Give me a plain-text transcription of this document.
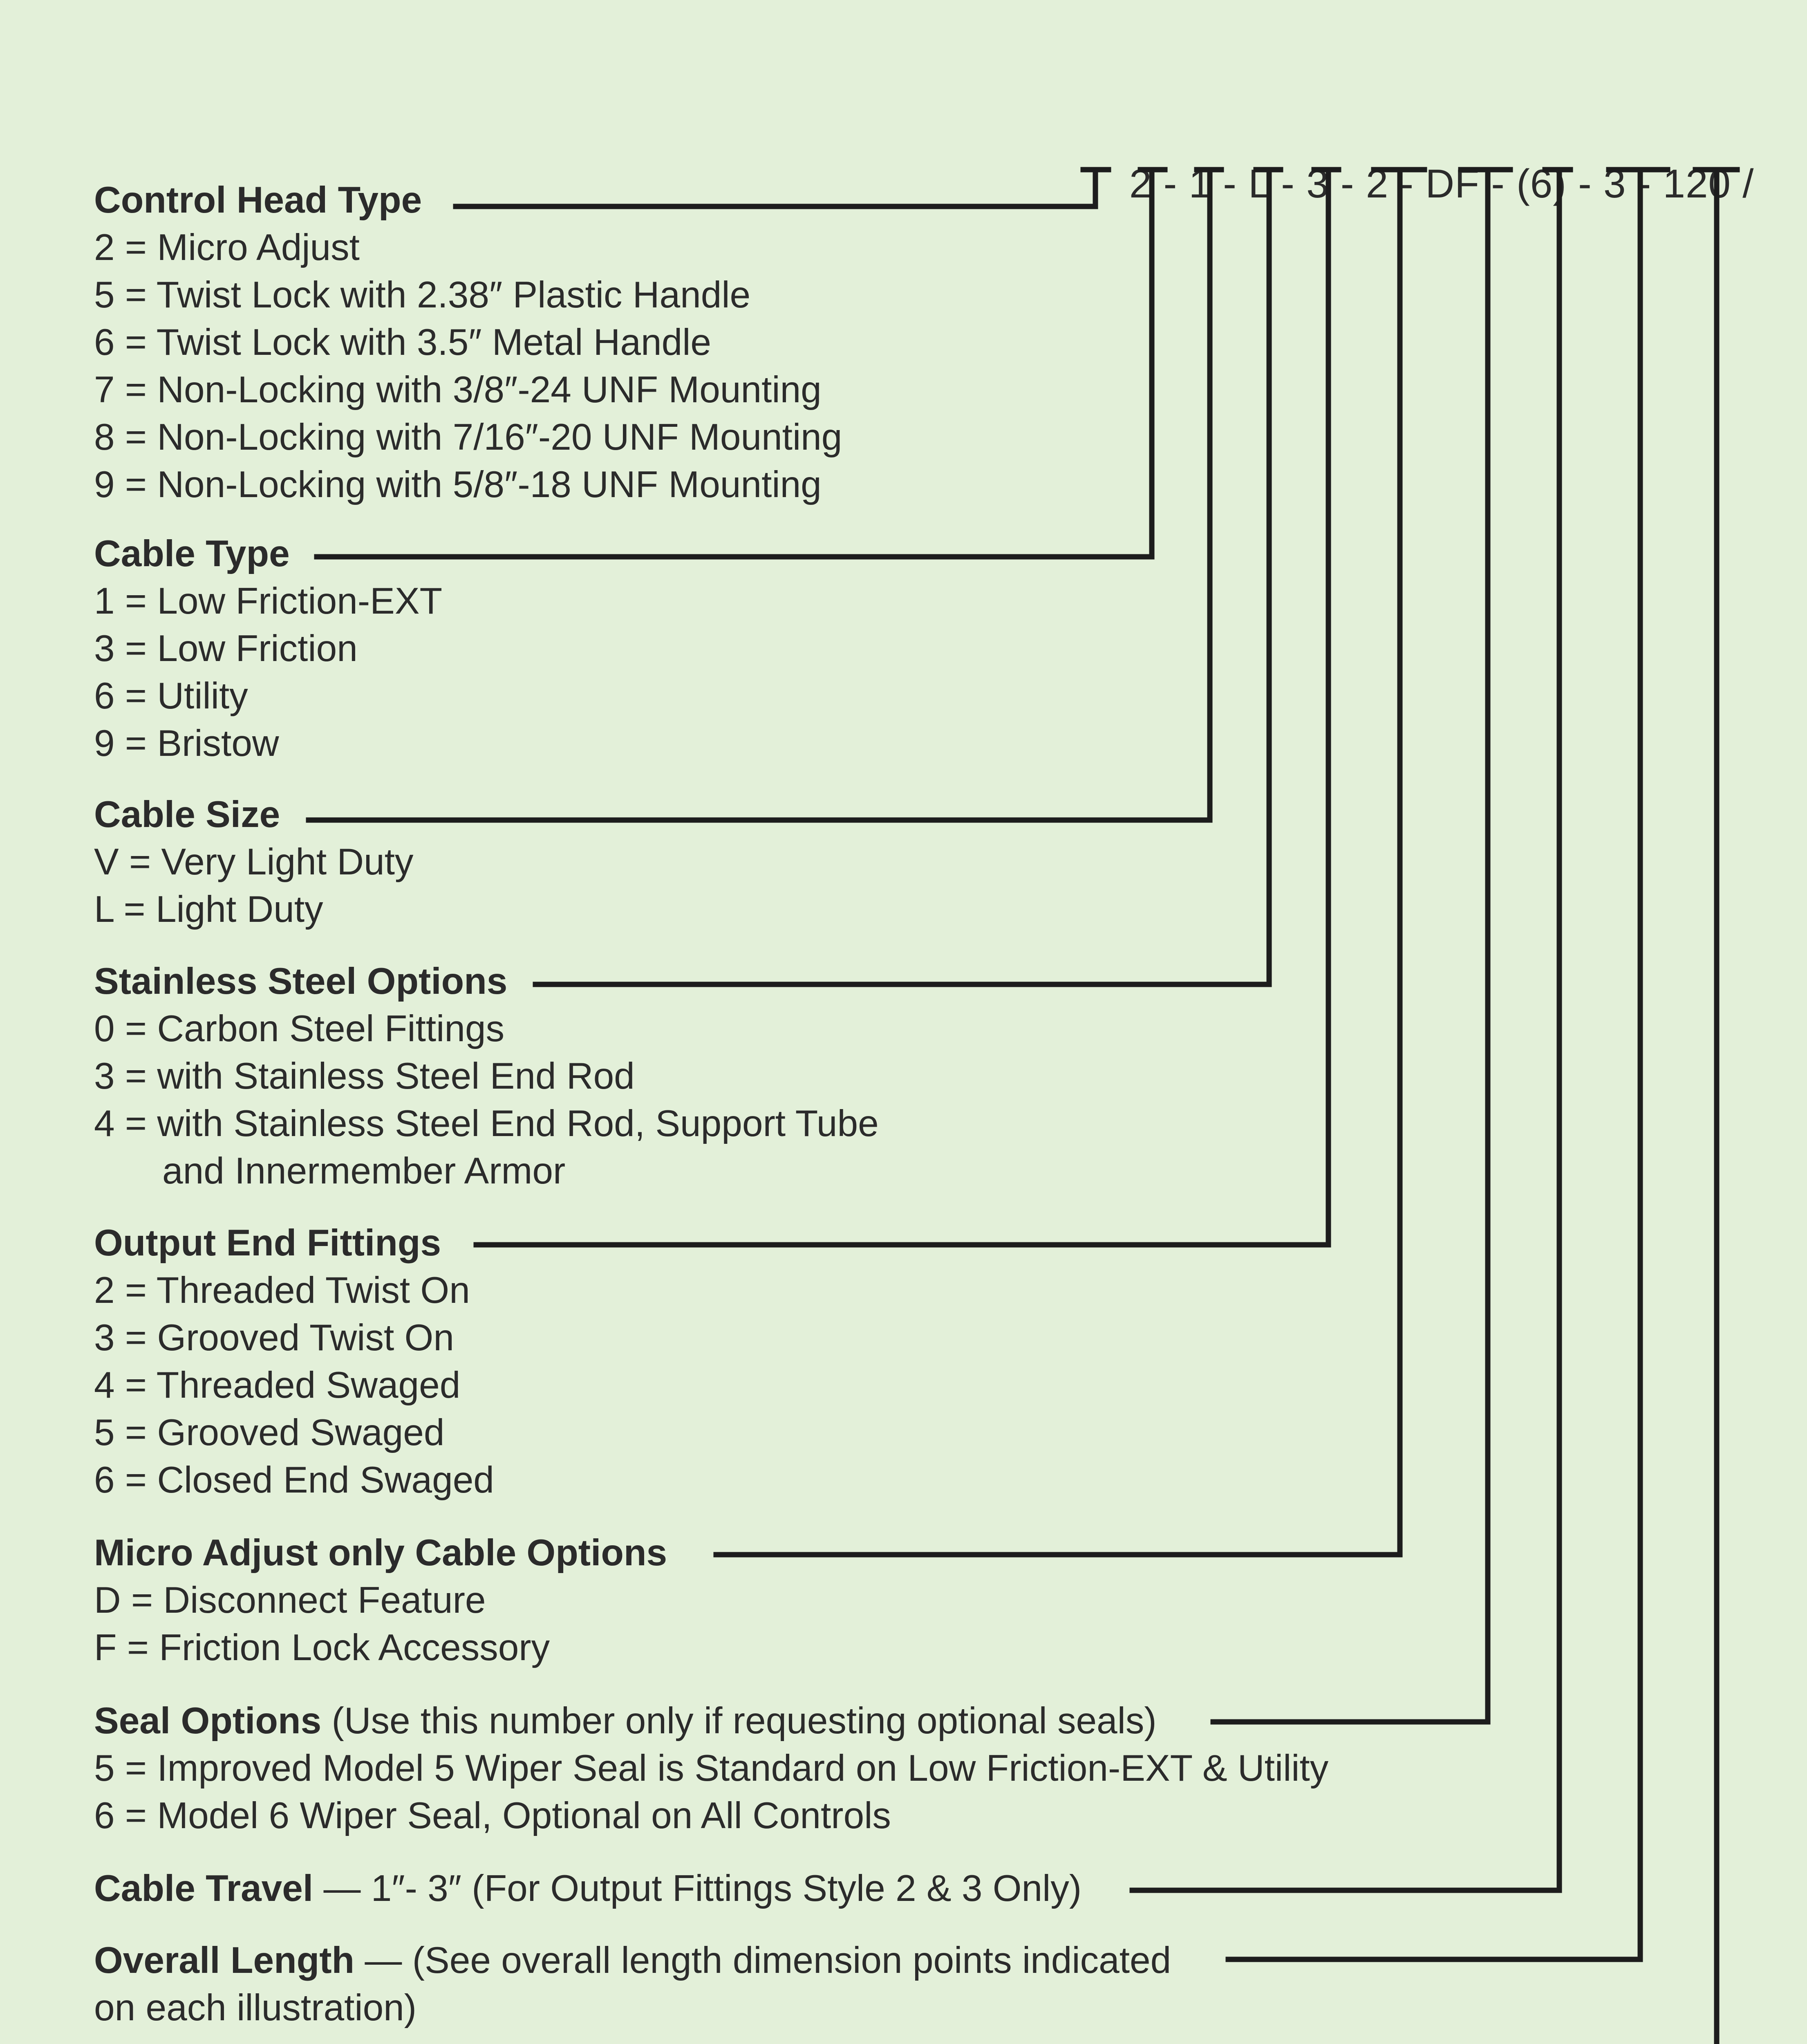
2 - 1 - L - 3 - 2 - DF - (6) - 3 - 120 /

Control Head Type
2 = Micro Adjust
5 = Twist Lock with 2.38″ Plastic Handle
6 = Twist Lock with 3.5″ Metal Handle
7 = Non-Locking with 3/8″-24 UNF Mounting
8 = Non-Locking with 7/16″-20 UNF Mounting
9 = Non-Locking with 5/8″-18 UNF Mounting
Cable Type
1 = Low Friction-EXT
3 = Low Friction
6 = Utility
9 = Bristow
Cable Size
V = Very Light Duty
L = Light Duty
Stainless Steel Options
0 = Carbon Steel Fittings
3 = with Stainless Steel End Rod
4 = with Stainless Steel End Rod, Support Tube
and Innermember Armor
Output End Fittings
2 = Threaded Twist On
3 = Grooved Twist On
4 = Threaded Swaged
5 = Grooved Swaged
6 = Closed End Swaged
Micro Adjust only Cable Options
D = Disconnect Feature
F = Friction Lock Accessory
Seal Options (Use this number only if requesting optional seals)
5 = Improved Model 5 Wiper Seal is Standard on Low Friction-EXT & Utility
6 = Model 6 Wiper Seal, Optional on All Controls
Cable Travel — 1″- 3″ (For Output Fittings Style 2 & 3 Only)
Overall Length — (See overall length dimension points indicated
on each illustration)
